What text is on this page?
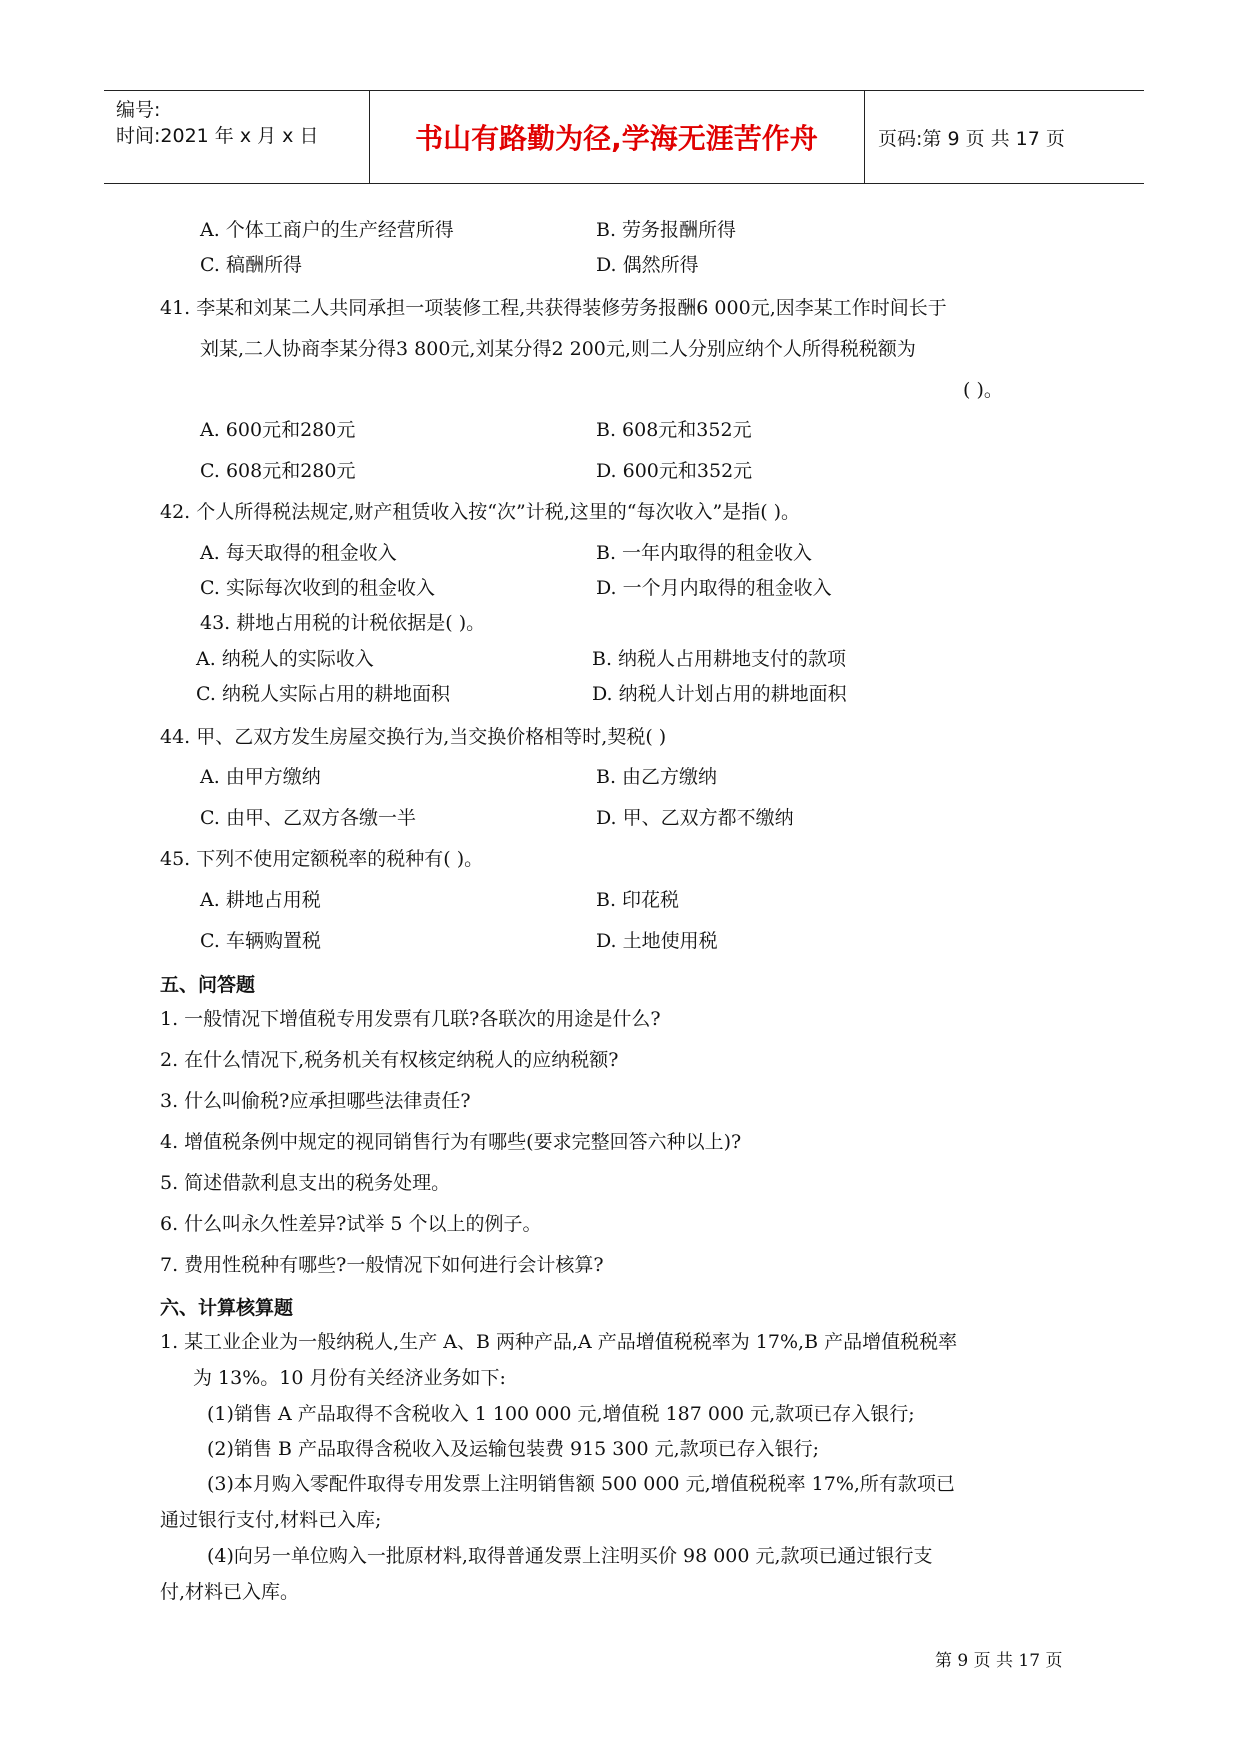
编号:
时间:2021 年 x 月 x 日	书山有路勤为径,学海无涯苦作舟	页码:第 9 页 共 17 页
A. 个体工商户的生产经营所得	B. 劳务报酬所得
C. 稿酬所得	D. 偶然所得
41. 李某和刘某二人共同承担一项装修工程,共获得装修劳务报酬6 000元,因李某工作时间长于
刘某,二人协商李某分得3 800元,刘某分得2 200元,则二人分别应纳个人所得税税额为
( )。
A. 600元和280元	B. 608元和352元
C. 608元和280元	D. 600元和352元
42. 个人所得税法规定,财产租赁收入按“次”计税,这里的“每次收入”是指( )。
A. 每天取得的租金收入	B. 一年内取得的租金收入
C. 实际每次收到的租金收入	D. 一个月内取得的租金收入
43. 耕地占用税的计税依据是( )。
A. 纳税人的实际收入	B. 纳税人占用耕地支付的款项
C. 纳税人实际占用的耕地面积	D. 纳税人计划占用的耕地面积
44. 甲、乙双方发生房屋交换行为,当交换价格相等时,契税( )
A. 由甲方缴纳	B. 由乙方缴纳
C. 由甲、乙双方各缴一半	D. 甲、乙双方都不缴纳
45. 下列不使用定额税率的税种有( )。
A. 耕地占用税	B. 印花税
C. 车辆购置税	D. 土地使用税
五、问答题
1. 一般情况下增值税专用发票有几联?各联次的用途是什么?
2. 在什么情况下,税务机关有权核定纳税人的应纳税额?
3. 什么叫偷税?应承担哪些法律责任?
4. 增值税条例中规定的视同销售行为有哪些(要求完整回答六种以上)?
5. 简述借款利息支出的税务处理。
6. 什么叫永久性差异?试举 5 个以上的例子。
7. 费用性税种有哪些?一般情况下如何进行会计核算?
六、计算核算题
1. 某工业企业为一般纳税人,生产 A、B 两种产品,A 产品增值税税率为 17%,B 产品增值税税率
为 13%。10 月份有关经济业务如下:
(1)销售 A 产品取得不含税收入 1 100 000 元,增值税 187 000 元,款项已存入银行;
(2)销售 B 产品取得含税收入及运输包装费 915 300 元,款项已存入银行;
(3)本月购入零配件取得专用发票上注明销售额 500 000 元,增值税税率 17%,所有款项已
通过银行支付,材料已入库;
(4)向另一单位购入一批原材料,取得普通发票上注明买价 98 000 元,款项已通过银行支
付,材料已入库。
第 9 页 共 17 页
